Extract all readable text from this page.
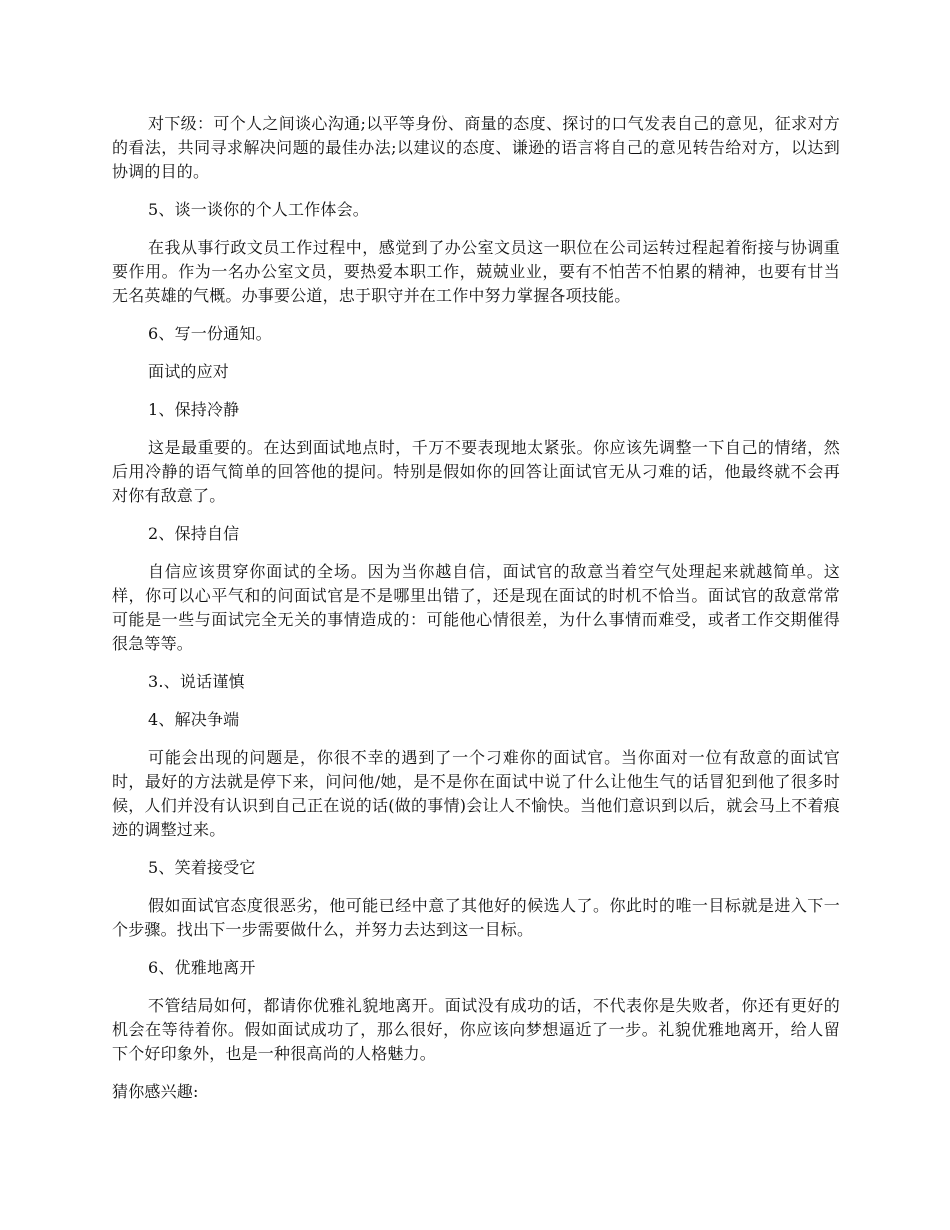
对下级：可个人之间谈心沟通;以平等身份、商量的态度、探讨的口气发表自己的意见，征求对方的看法，共同寻求解决问题的最佳办法;以建议的态度、谦逊的语言将自己的意见转告给对方，以达到协调的目的。

5、谈一谈你的个人工作体会。

在我从事行政文员工作过程中，感觉到了办公室文员这一职位在公司运转过程起着衔接与协调重要作用。作为一名办公室文员，要热爱本职工作，兢兢业业，要有不怕苦不怕累的精神，也要有甘当无名英雄的气概。办事要公道，忠于职守并在工作中努力掌握各项技能。

6、写一份通知。

面试的应对

1、保持冷静

这是最重要的。在达到面试地点时，千万不要表现地太紧张。你应该先调整一下自己的情绪，然后用冷静的语气简单的回答他的提问。特别是假如你的回答让面试官无从刁难的话，他最终就不会再对你有敌意了。

2、保持自信

自信应该贯穿你面试的全场。因为当你越自信，面试官的敌意当着空气处理起来就越简单。这样，你可以心平气和的问面试官是不是哪里出错了，还是现在面试的时机不恰当。面试官的敌意常常可能是一些与面试完全无关的事情造成的：可能他心情很差，为什么事情而难受，或者工作交期催得很急等等。

3.、说话谨慎

4、解决争端

可能会出现的问题是，你很不幸的遇到了一个刁难你的面试官。当你面对一位有敌意的面试官时，最好的方法就是停下来，问问他/她，是不是你在面试中说了什么让他生气的话冒犯到他了很多时候，人们并没有认识到自己正在说的话(做的事情)会让人不愉快。当他们意识到以后，就会马上不着痕迹的调整过来。

5、笑着接受它

假如面试官态度很恶劣，他可能已经中意了其他好的候选人了。你此时的唯一目标就是进入下一个步骤。找出下一步需要做什么，并努力去达到这一目标。

6、优雅地离开

不管结局如何，都请你优雅礼貌地离开。面试没有成功的话，不代表你是失败者，你还有更好的机会在等待着你。假如面试成功了，那么很好，你应该向梦想逼近了一步。礼貌优雅地离开，给人留下个好印象外，也是一种很高尚的人格魅力。

猜你感兴趣:
